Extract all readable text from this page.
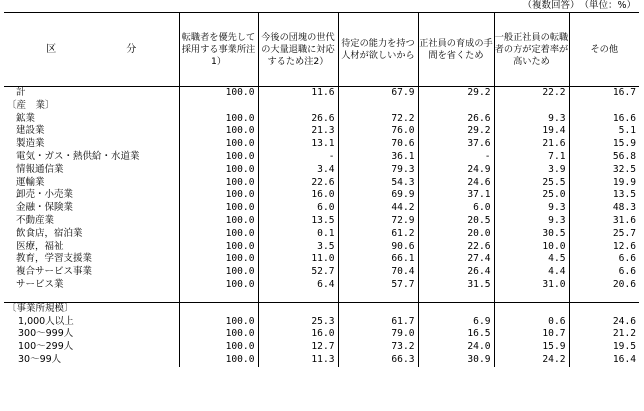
（複数回答）　（単位：%）
区　分	転職者を優先して採用する事業所注1）	今後の団塊の世代の大量退職に対応するため注2）	待定の能力を持つ人材が欲しいから	正社員の育成の手間を省くため	一般正社員の転職者の方が定着率が高いため	その他
計	100.0	11.6	67.9	29.2	22.2	16.7
〔産　業〕						
鉱業	100.0	26.6	72.2	26.6	9.3	16.6
建設業	100.0	21.3	76.0	29.2	19.4	5.1
製造業	100.0	13.1	70.6	37.6	21.6	15.9
電気・ガス・熱供給・水道業	100.0	-	36.1	-	7.1	56.8
情報通信業	100.0	3.4	79.3	24.9	3.9	32.5
運輸業	100.0	22.6	54.3	24.6	25.5	19.9
卸売・小売業	100.0	16.0	69.9	37.1	25.0	13.5
金融・保険業	100.0	6.0	44.2	6.0	9.3	48.3
不動産業	100.0	13.5	72.9	20.5	9.3	31.6
飲食店，宿泊業	100.0	0.1	61.2	20.0	30.5	25.7
医療，福祉	100.0	3.5	90.6	22.6	10.0	12.6
教育，学習支援業	100.0	11.0	66.1	27.4	4.5	6.6
複合サービス事業	100.0	52.7	70.4	26.4	4.4	6.6
サービス業	100.0	6.4	57.7	31.5	31.0	20.6

〔事業所規模〕						
1,000人以上	100.0	25.3	61.7	6.9	0.6	24.6
300～999人	100.0	16.0	79.0	16.5	10.7	21.2
100～299人	100.0	12.7	73.2	24.0	15.9	19.5
30～99人	100.0	11.3	66.3	30.9	24.2	16.4
